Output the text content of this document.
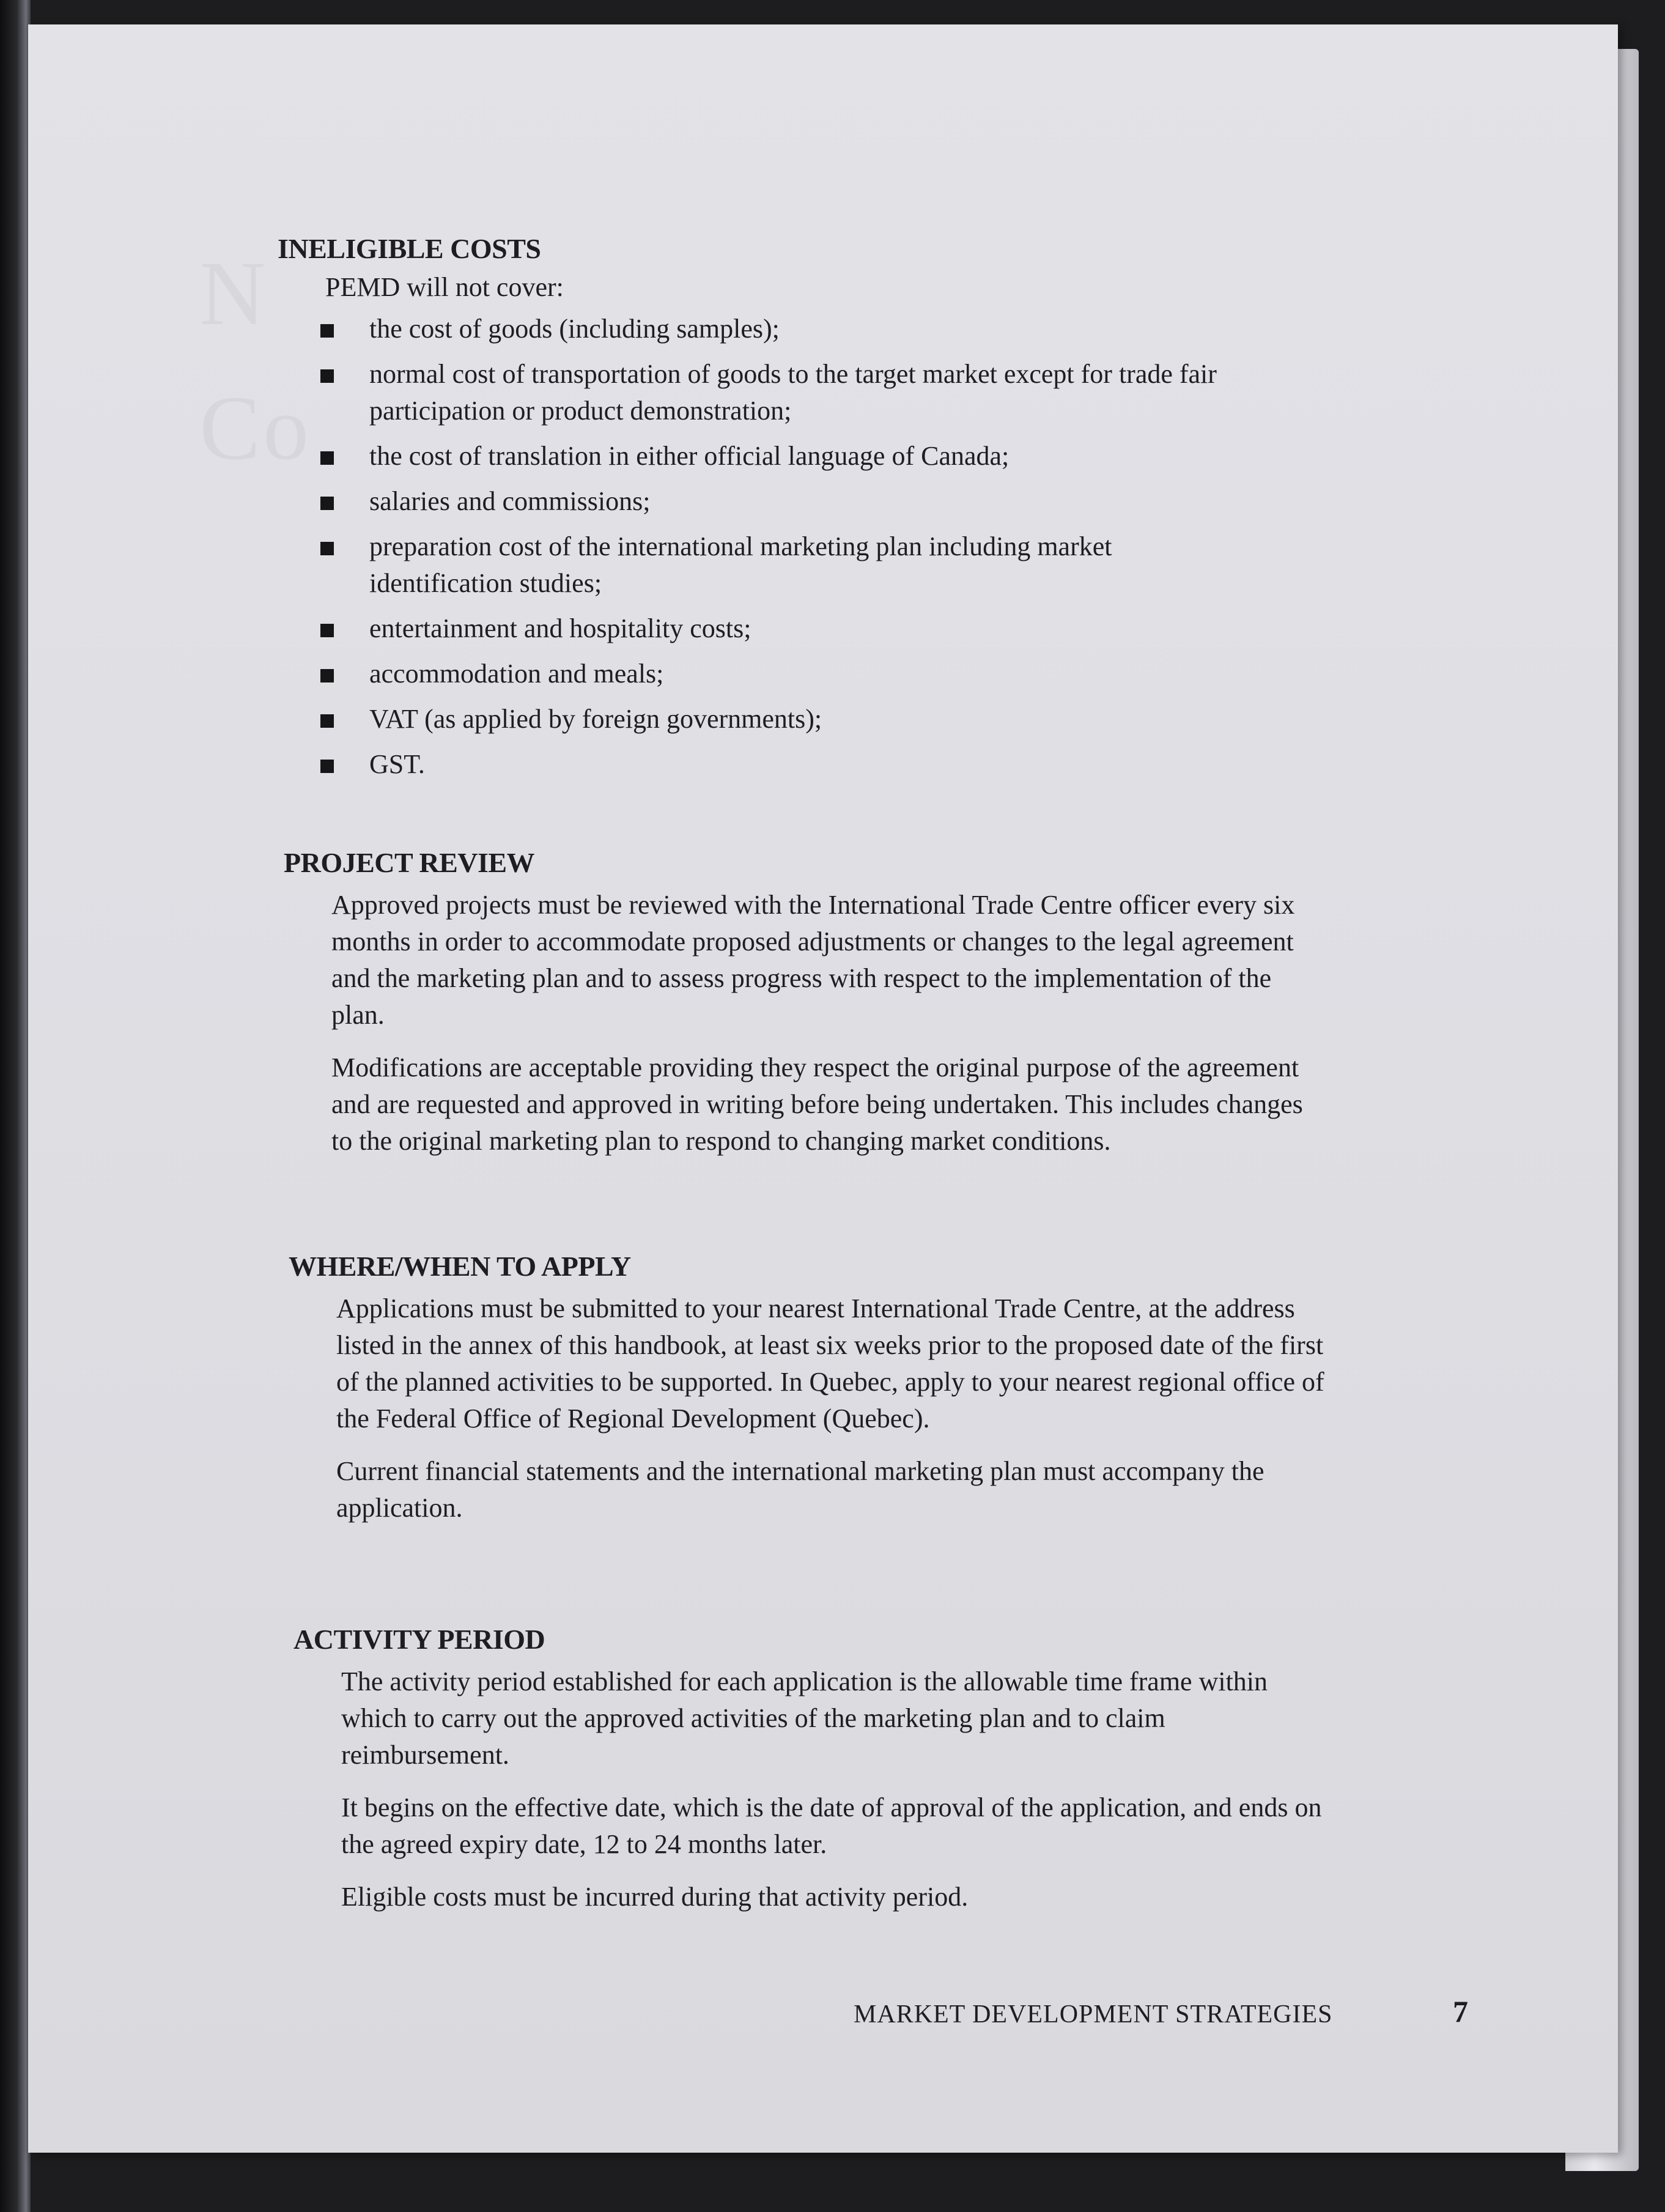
N
Co
INELIGIBLE COSTS
PEMD will not cover:
the cost of goods (including samples);
normal cost of transportation of goods to the target market except for trade fair participation or product demonstration;
the cost of translation in either official language of Canada;
salaries and commissions;
preparation cost of the international marketing plan including market identification studies;
entertainment and hospitality costs;
accommodation and meals;
VAT (as applied by foreign governments);
GST.
PROJECT REVIEW

Approved projects must be reviewed with the International Trade Centre officer every six months in order to accommodate proposed adjustments or changes to the legal agreement and the marketing plan and to assess progress with respect to the implementation of the plan.

Modifications are acceptable providing they respect the original purpose of the agreement and are requested and approved in writing before being undertaken. This includes changes to the original marketing plan to respond to changing market conditions.

WHERE/WHEN TO APPLY

Applications must be submitted to your nearest International Trade Centre, at the address listed in the annex of this handbook, at least six weeks prior to the proposed date of the first of the planned activities to be supported. In Quebec, apply to your nearest regional office of the Federal Office of Regional Development (Quebec).

Current financial statements and the international marketing plan must accompany the application.

ACTIVITY PERIOD

The activity period established for each application is the allowable time frame within which to carry out the approved activities of the marketing plan and to claim reimbursement.

It begins on the effective date, which is the date of approval of the application, and ends on the agreed expiry date, 12 to 24 months later.

Eligible costs must be incurred during that activity period.

MARKET DEVELOPMENT STRATEGIES	7
